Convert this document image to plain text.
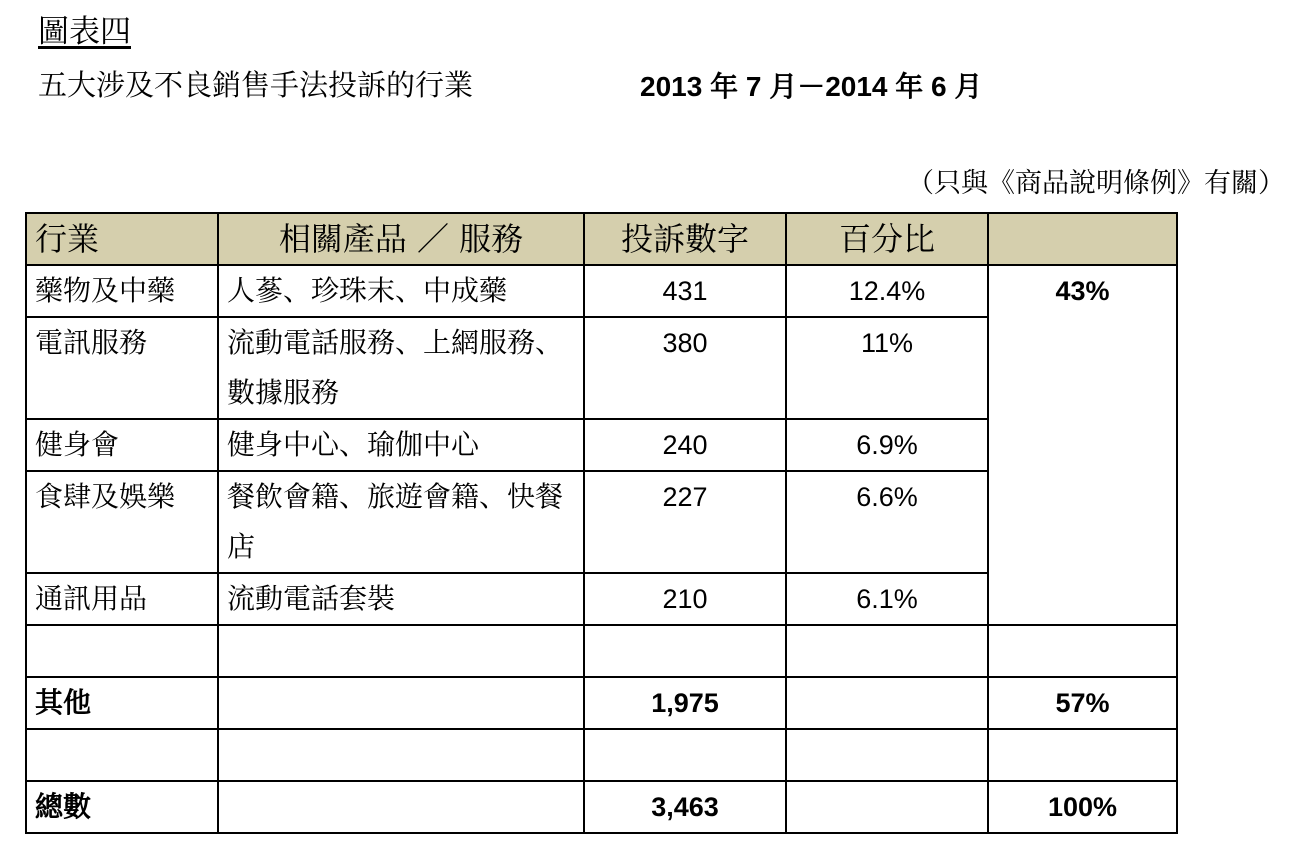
圖表四
五大涉及不良銷售手法投訴的行業	2013 年 7 月－2014 年 6 月
（只與《商品說明條例》有關）
行業	相關產品 ／ 服務	投訴數字	百分比	
藥物及中藥	人蔘、珍珠末、中成藥	431	12.4%	43%
電訊服務	流動電話服務、上網服務、數據服務	380	11%	
健身會	健身中心、瑜伽中心	240	6.9%	
食肆及娛樂	餐飲會籍、旅遊會籍、快餐店	227	6.6%	
通訊用品	流動電話套裝	210	6.1%	

其他		1,975		57%

總數		3,463		100%
